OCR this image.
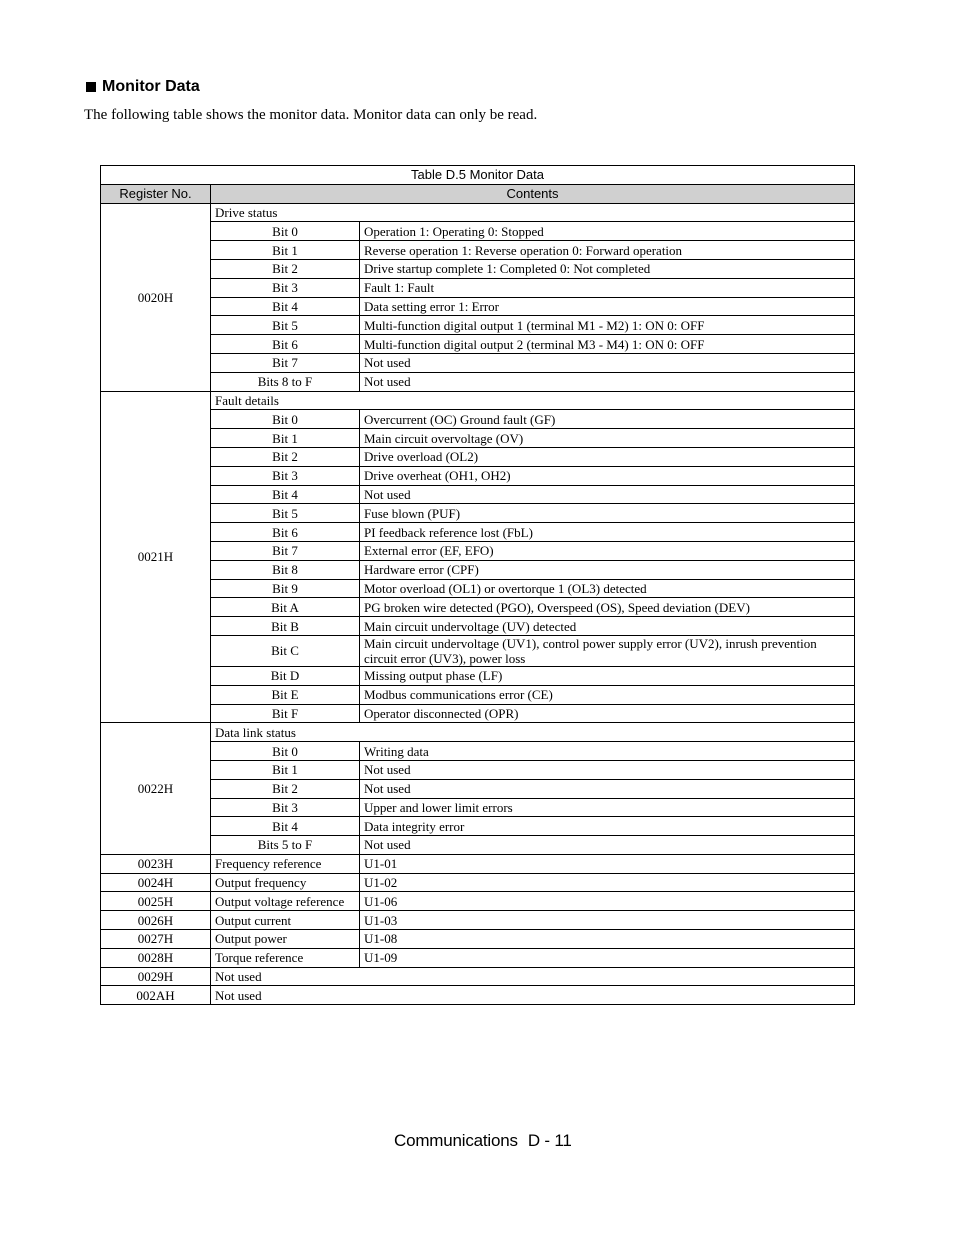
Monitor Data
The following table shows the monitor data. Monitor data can only be read.
Table D.5 Monitor Data		
Register No.	Contents	
0020H	Drive status	
	Bit 0	Operation 1: Operating 0: Stopped
	Bit 1	Reverse operation 1: Reverse operation 0: Forward operation
	Bit 2	Drive startup complete 1: Completed 0: Not completed
	Bit 3	Fault 1: Fault
	Bit 4	Data setting error 1: Error
	Bit 5	Multi-function digital output 1 (terminal M1 - M2) 1: ON 0: OFF
	Bit 6	Multi-function digital output 2 (terminal M3 - M4) 1: ON 0: OFF
	Bit 7	Not used
	Bits 8 to F	Not used
0021H	Fault details	
	Bit 0	Overcurrent (OC) Ground fault (GF)
	Bit 1	Main circuit overvoltage (OV)
	Bit 2	Drive overload (OL2)
	Bit 3	Drive overheat (OH1, OH2)
	Bit 4	Not used
	Bit 5	Fuse blown (PUF)
	Bit 6	PI feedback reference lost (FbL)
	Bit 7	External error (EF, EFO)
	Bit 8	Hardware error (CPF)
	Bit 9	Motor overload (OL1) or overtorque 1 (OL3) detected
	Bit A	PG broken wire detected (PGO), Overspeed (OS), Speed deviation (DEV)
	Bit B	Main circuit undervoltage (UV) detected
	Bit C	Main circuit undervoltage (UV1), control power supply error (UV2), inrush prevention circuit error (UV3), power loss
	Bit D	Missing output phase (LF)
	Bit E	Modbus communications error (CE)
	Bit F	Operator disconnected (OPR)
0022H	Data link status	
	Bit 0	Writing data
	Bit 1	Not used
	Bit 2	Not used
	Bit 3	Upper and lower limit errors
	Bit 4	Data integrity error
	Bits 5 to F	Not used
0023H	Frequency reference	U1-01
0024H	Output frequency	U1-02
0025H	Output voltage reference	U1-06
0026H	Output current	U1-03
0027H	Output power	U1-08
0028H	Torque reference	U1-09
0029H	Not used	
002AH	Not used	
Communications D - 11
